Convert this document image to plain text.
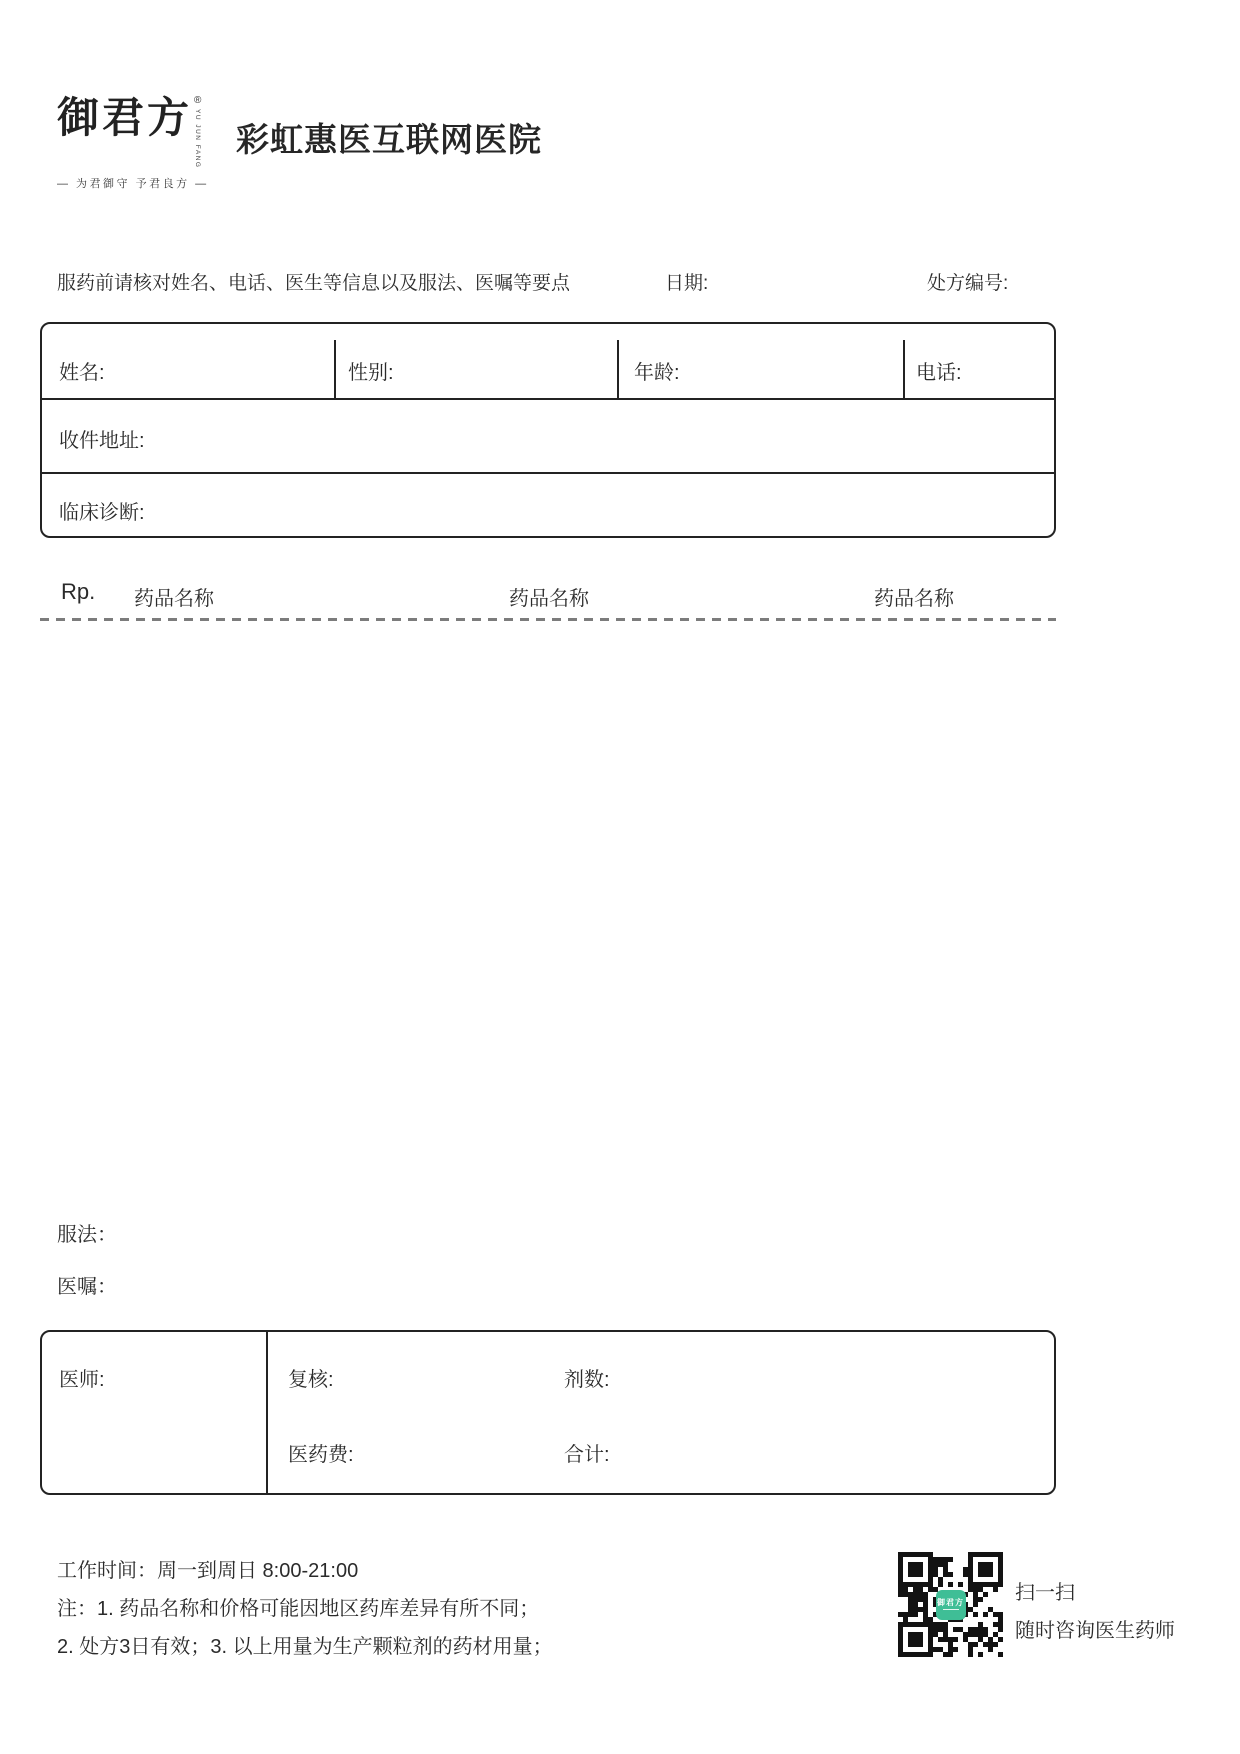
御君方 ®
YU JUN FANG
— 为君御守 予君良方 —
彩虹惠医互联网医院
服药前请核对姓名、电话、医生等信息以及服法、医嘱等要点	日期:	处方编号:
姓名:	性别:	年龄:	电话:
收件地址:
临床诊断:
Rp. 药品名称	药品名称	药品名称
服法：
医嘱：
医师:	复核:	剂数:
医药费:	合计:
工作时间：周一到周日 8:00-21:00
注：1. 药品名称和价格可能因地区药库差异有所不同；
2. 处方3日有效；3. 以上用量为生产颗粒剂的药材用量；
御君方	扫一扫
随时咨询医生药师
